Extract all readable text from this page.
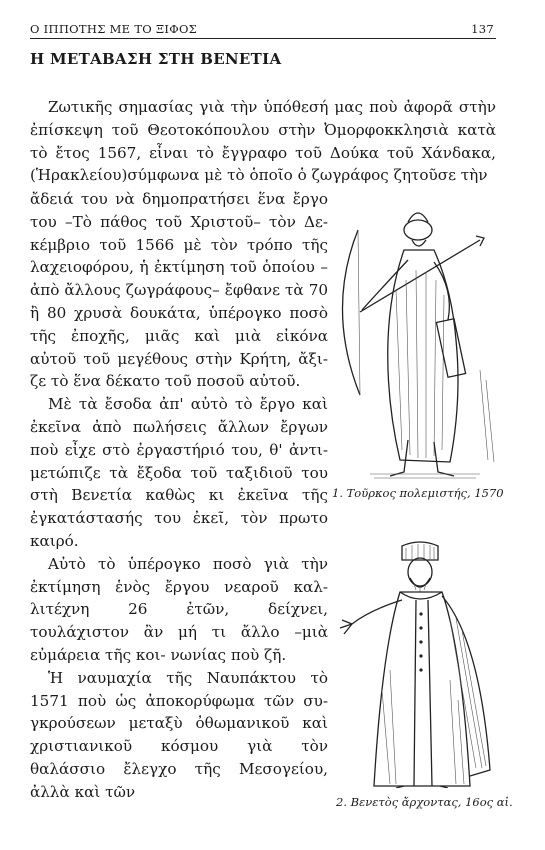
Ο ΙΠΠΟΤΗΣ ΜΕ ΤΟ ΞΙΦΟΣ	137
Η ΜΕΤΑΒΑΣΗ ΣΤΗ ΒΕΝΕΤΙΑ

Ζωτικῆς σημασίας γιὰ τὴν ὑπόθεσή μας ποὺ ἀφορᾶ στὴν ἐπίσκεψη τοῦ Θεοτοκόπουλου στὴν Ὀμορφοκκλησιὰ κατὰ τὸ ἔτος 1567, εἶναι τὸ ἔγγραφο τοῦ Δούκα τοῦ Χάνδακα, (Ἡρακλείου)σύμφωνα μὲ τὸ ὁποῖο ὁ ζωγράφος ζητοῦσε τὴν

ἄδειά του νὰ δημοπρατήσει ἕνα ἔργο του –Τὸ πάθος τοῦ Χριστοῦ– τὸν Δε- κέμβριο τοῦ 1566 μὲ τὸν τρόπο τῆς λαχειοφόρου, ἡ ἐκτίμηση τοῦ ὁποίου –ἀπὸ ἄλλους ζωγράφους– ἔφθανε τὰ 70 ἢ 80 χρυσὰ δουκάτα, ὑπέρογκο ποσὸ τῆς ἐποχῆς, μιᾶς καὶ μιὰ εἰκόνα αὐτοῦ τοῦ μεγέθους στὴν Κρήτη, ἄξι- ζε τὸ ἕνα δέκατο τοῦ ποσοῦ αὐτοῦ.

Μὲ τὰ ἔσοδα ἀπ' αὐτὸ τὸ ἔργο καὶ ἐκεῖνα ἀπὸ πωλήσεις ἄλλων ἔργων ποὺ εἶχε στὸ ἐργαστήριό του, θ' ἀντι- μετώπιζε τὰ ἔξοδα τοῦ ταξιδιοῦ του στὴ Βενετία καθὼς κι ἐκεῖνα τῆς ἐγκατάστασής του ἐκεῖ, τὸν πρωτο καιρό.

Αὐτὸ τὸ ὑπέρογκο ποσὸ γιὰ τὴν ἐκτίμηση ἑνὸς ἔργου νεαροῦ καλ- λιτέχνη 26 ἐτῶν, δείχνει, τουλάχιστον ἂν μή τι ἄλλο –μιὰ εὐμάρεια τῆς κοι- νωνίας ποὺ ζῆ.

Ἡ ναυμαχία τῆς Ναυπάκτου τὸ 1571 ποὺ ὡς ἀποκορύφωμα τῶν συ- γκρούσεων μεταξὺ ὀθωμανικοῦ καὶ χριστιανικοῦ κόσμου γιὰ τὸν θαλάσσιο ἔλεγχο τῆς Μεσογείου, ἀλλὰ καὶ τῶν

1. Τοῦρκος πολεμιστής, 1570
2. Βενετὸς ἄρχοντας, 16ος αἰ.
